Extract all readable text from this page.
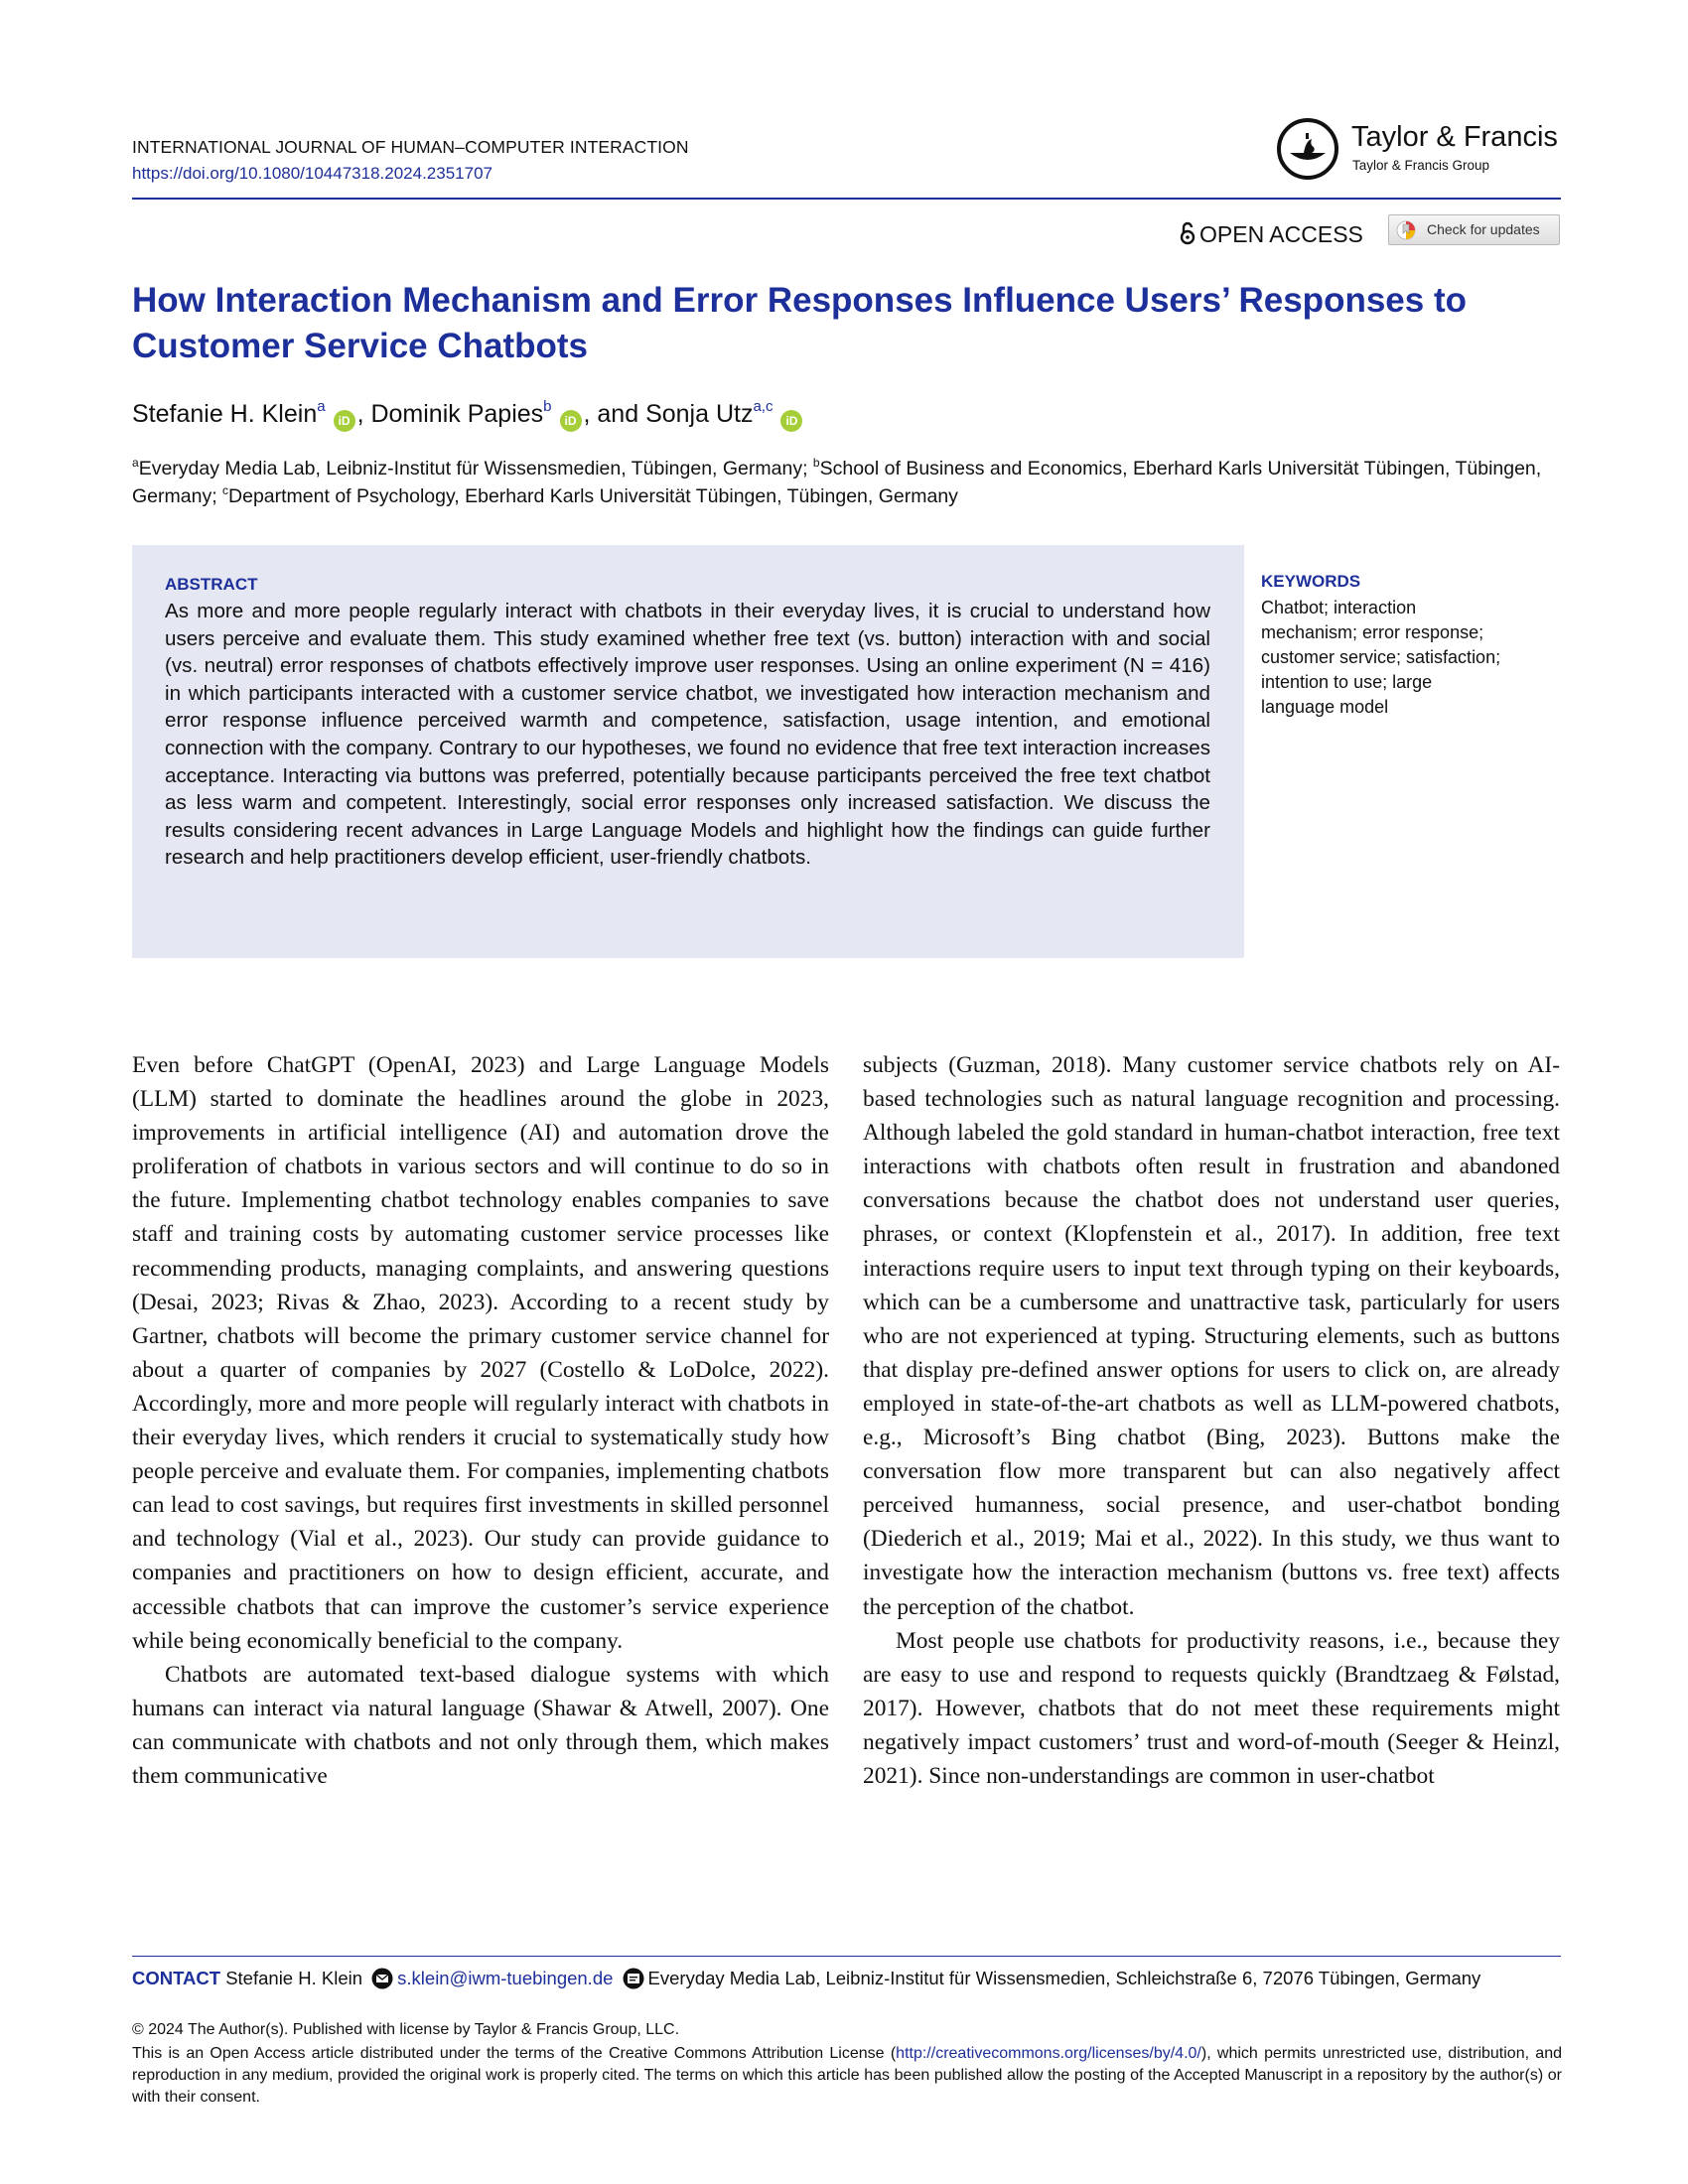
INTERNATIONAL JOURNAL OF HUMAN–COMPUTER INTERACTION
https://doi.org/10.1080/10447318.2024.2351707
Taylor & Francis
Taylor & Francis Group
OPEN ACCESS	Check for updates
How Interaction Mechanism and Error Responses Influence Users’ Responses to Customer Service Chatbots
Stefanie H. Klein$^a$iD , Dominik Papies$^b$iD , and Sonja Utz$^{a,c}$iD

$^a$Everyday Media Lab, Leibniz-Institut für Wissensmedien, Tübingen, Germany; $^b$School of Business and Economics, Eberhard Karls Universität Tübingen, Tübingen, Germany; $^c$Department of Psychology, Eberhard Karls Universität Tübingen, Tübingen, Germany

ABSTRACT

As more and more people regularly interact with chatbots in their everyday lives, it is crucial to understand how users perceive and evaluate them. This study examined whether free text (vs. button) interaction with and social (vs. neutral) error responses of chatbots effectively improve user responses. Using an online experiment (N = 416) in which participants interacted with a customer service chatbot, we investigated how interaction mechanism and error response influence perceived warmth and competence, satisfaction, usage intention, and emotional connection with the company. Contrary to our hypotheses, we found no evidence that free text interaction increases acceptance. Interacting via buttons was preferred, potentially because participants perceived the free text chatbot as less warm and competent. Interestingly, social error responses only increased satisfaction. We discuss the results considering recent advances in Large Language Models and highlight how the findings can guide further research and help practitioners develop efficient, user-friendly chatbots.

KEYWORDS

Chatbot; interaction mechanism; error response; customer service; satisfaction; intention to use; large language model

Even before ChatGPT (OpenAI, 2023) and Large Language Models (LLM) started to dominate the headlines around the globe in 2023, improvements in artificial intelligence (AI) and automation drove the proliferation of chatbots in various sectors and will continue to do so in the future. Implementing chatbot technology enables companies to save staff and training costs by automating customer service processes like recommending products, managing complaints, and answering questions (Desai, 2023; Rivas & Zhao, 2023). According to a recent study by Gartner, chatbots will become the primary customer service channel for about a quarter of companies by 2027 (Costello & LoDolce, 2022). Accordingly, more and more people will regularly interact with chatbots in their everyday lives, which renders it crucial to systematically study how people perceive and evaluate them. For companies, implementing chatbots can lead to cost savings, but requires first investments in skilled personnel and technology (Vial et al., 2023). Our study can provide guidance to companies and practitioners on how to design efficient, accurate, and accessible chatbots that can improve the customer’s service experience while being economically beneficial to the company.

Chatbots are automated text-based dialogue systems with which humans can interact via natural language (Shawar & Atwell, 2007). One can communicate with chatbots and not only through them, which makes them communicative

subjects (Guzman, 2018). Many customer service chatbots rely on AI-based technologies such as natural language recognition and processing. Although labeled the gold standard in human-chatbot interaction, free text interactions with chatbots often result in frustration and abandoned conversations because the chatbot does not understand user queries, phrases, or context (Klopfenstein et al., 2017). In addition, free text interactions require users to input text through typing on their keyboards, which can be a cumbersome and unattractive task, particularly for users who are not experienced at typing. Structuring elements, such as buttons that display pre-defined answer options for users to click on, are already employed in state-of-the-art chatbots as well as LLM-powered chatbots, e.g., Microsoft’s Bing chatbot (Bing, 2023). Buttons make the conversation flow more transparent but can also negatively affect perceived humanness, social presence, and user-chatbot bonding (Diederich et al., 2019; Mai et al., 2022). In this study, we thus want to investigate how the interaction mechanism (buttons vs. free text) affects the perception of the chatbot.

Most people use chatbots for productivity reasons, i.e., because they are easy to use and respond to requests quickly (Brandtzaeg & Følstad, 2017). However, chatbots that do not meet these requirements might negatively impact customers’ trust and word-of-mouth (Seeger & Heinzl, 2021). Since non-understandings are common in user-chatbot

CONTACT Stefanie H. Klein s.klein@iwm-tuebingen.de Everyday Media Lab, Leibniz-Institut für Wissensmedien, Schleichstraße 6, 72076 Tübingen, Germany

© 2024 The Author(s). Published with license by Taylor & Francis Group, LLC.

This is an Open Access article distributed under the terms of the Creative Commons Attribution License (http://creativecommons.org/licenses/by/4.0/), which permits unrestricted use, distribution, and reproduction in any medium, provided the original work is properly cited. The terms on which this article has been published allow the posting of the Accepted Manuscript in a repository by the author(s) or with their consent.
